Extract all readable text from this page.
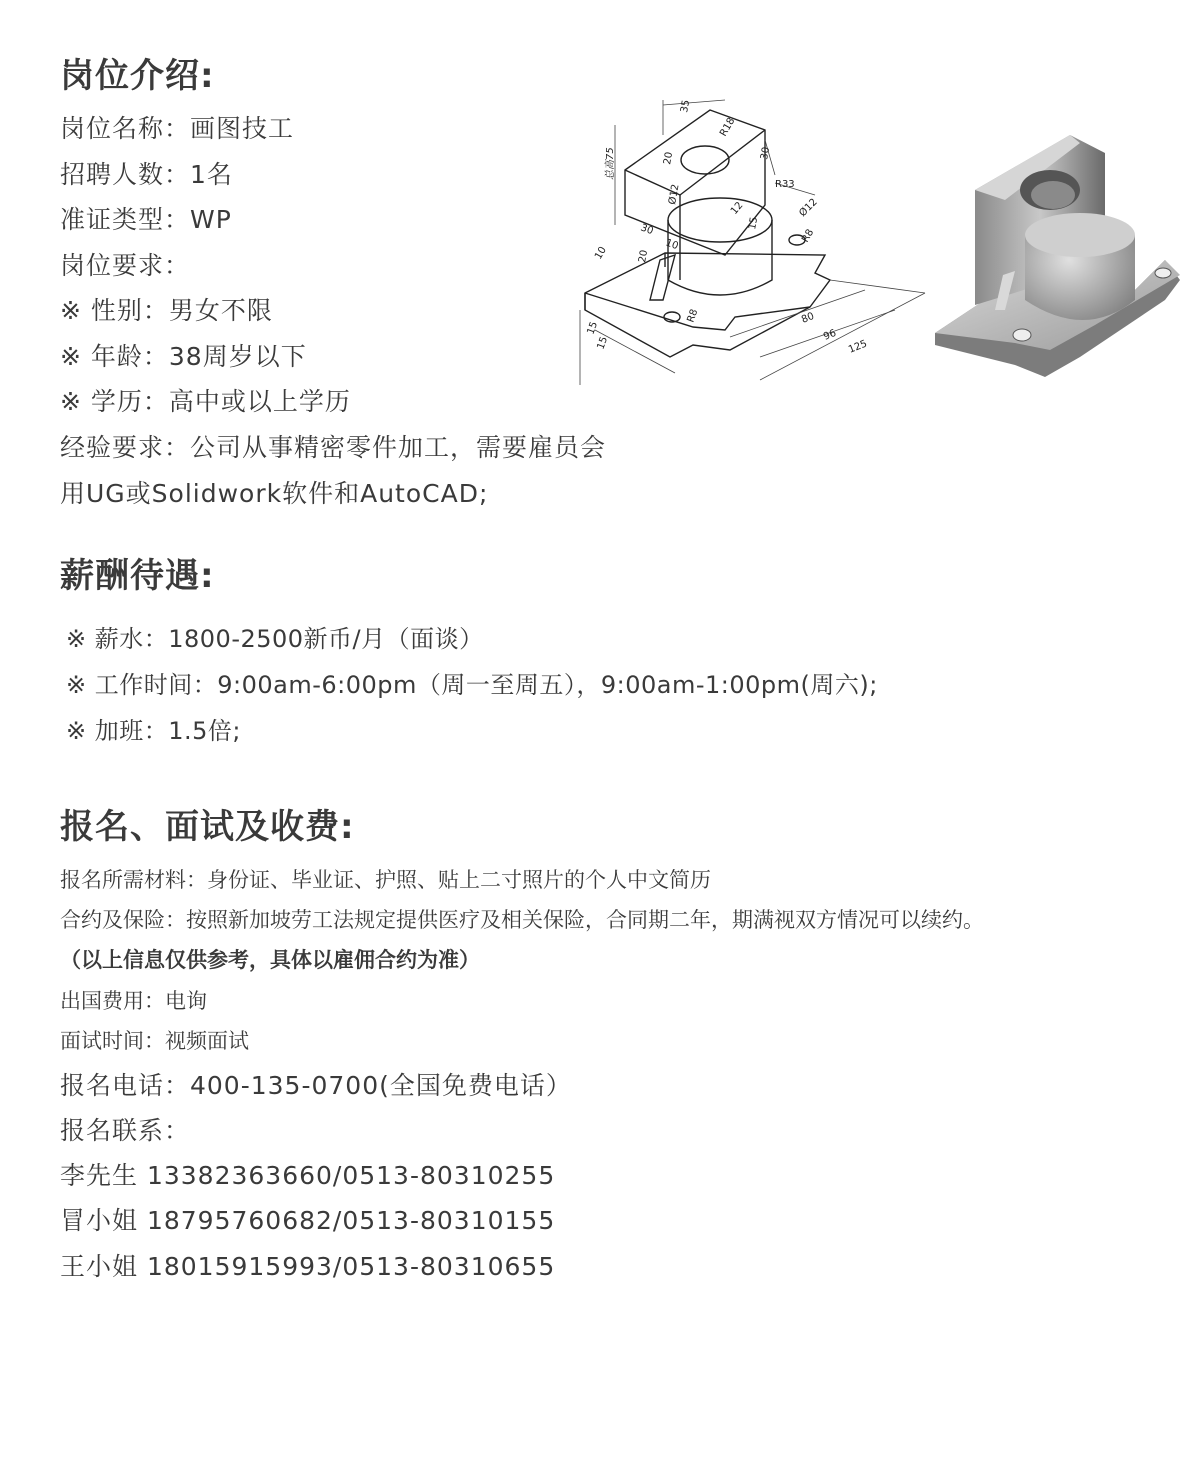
岗位介绍:
岗位名称：画图技工
招聘人数：1名
准证类型：WP
岗位要求：
※ 性别：男女不限
※ 年龄：38周岁以下
※ 学历：高中或以上学历
经验要求：公司从事精密零件加工，需要雇员会
用UG或Solidwork软件和AutoCAD;
35
R18
20	30
R33
Ø12
Ø12
12
15
30
10
20
10
R8
R8
80
96
125
15
15
总高75
薪酬待遇:
※ 薪水：1800-2500新币/月（面谈）
※ 工作时间：9:00am-6:00pm（周一至周五），9:00am-1:00pm(周六);
※ 加班：1.5倍;
报名、面试及收费:
报名所需材料：身份证、毕业证、护照、贴上二寸照片的个人中文简历
合约及保险：按照新加坡劳工法规定提供医疗及相关保险，合同期二年，期满视双方情况可以续约。
（以上信息仅供参考，具体以雇佣合约为准）
出国费用：电询
面试时间：视频面试
报名电话：400-135-0700(全国免费电话）
报名联系：
李先生 13382363660/0513-80310255
冒小姐 18795760682/0513-80310155
王小姐 18015915993/0513-80310655
